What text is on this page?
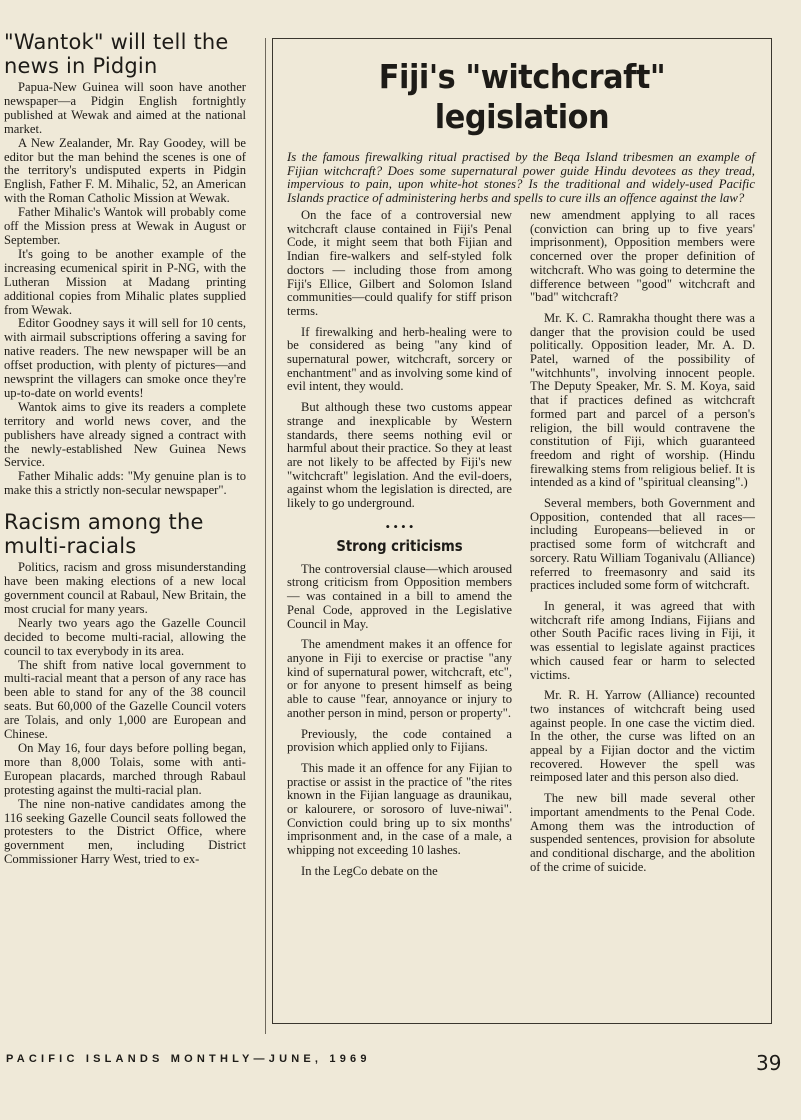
"Wantok" will tell the news in Pidgin

Papua-New Guinea will soon have another newspaper—a Pidgin English fortnightly published at Wewak and aimed at the national market.

A New Zealander, Mr. Ray Goodey, will be editor but the man behind the scenes is one of the territory's undisputed experts in Pidgin English, Father F. M. Mihalic, 52, an American with the Roman Catholic Mission at Wewak.

Father Mihalic's Wantok will probably come off the Mission press at Wewak in August or September.

It's going to be another example of the increasing ecumenical spirit in P-NG, with the Lutheran Mission at Madang printing additional copies from Mihalic plates supplied from Wewak.

Editor Goodney says it will sell for 10 cents, with airmail subscriptions offering a saving for native readers. The new newspaper will be an offset production, with plenty of pictures—and newsprint the villagers can smoke once they're up-to-date on world events!

Wantok aims to give its readers a complete territory and world news cover, and the publishers have already signed a contract with the newly-established New Guinea News Service.

Father Mihalic adds: "My genuine plan is to make this a strictly non-secular newspaper".

Racism among the multi-racials

Politics, racism and gross misunderstanding have been making elections of a new local government council at Rabaul, New Britain, the most crucial for many years.

Nearly two years ago the Gazelle Council decided to become multi-racial, allowing the council to tax everybody in its area.

The shift from native local government to multi-racial meant that a person of any race has been able to stand for any of the 38 council seats. But 60,000 of the Gazelle Council voters are Tolais, and only 1,000 are European and Chinese.

On May 16, four days before polling began, more than 8,000 Tolais, some with anti-European placards, marched through Rabaul protesting against the multi-racial plan.

The nine non-native candidates among the 116 seeking Gazelle Council seats followed the protesters to the District Office, where government men, including District Commissioner Harry West, tried to ex-

Fiji's "witchcraft" legislation
Is the famous firewalking ritual practised by the Beqa Island tribesmen an example of Fijian witchcraft? Does some supernatural power guide Hindu devotees as they tread, impervious to pain, upon white-hot stones? Is the traditional and widely-used Pacific Islands practice of administering herbs and spells to cure ills an offence against the law?

On the face of a controversial new witchcraft clause contained in Fiji's Penal Code, it might seem that both Fijian and Indian fire-walkers and self-styled folk doctors — including those from among Fiji's Ellice, Gilbert and Solomon Island communities—could qualify for stiff prison terms.

If firewalking and herb-healing were to be considered as being "any kind of supernatural power, witchcraft, sorcery or enchantment" and as involving some kind of evil intent, they would.

But although these two customs appear strange and inexplicable by Western standards, there seems nothing evil or harmful about their practice. So they at least are not likely to be affected by Fiji's new "witchcraft" legislation. And the evil-doers, against whom the legislation is directed, are likely to go underground.

• • • •
Strong criticisms

The controversial clause—which aroused strong criticism from Opposition members — was contained in a bill to amend the Penal Code, approved in the Legislative Council in May.

The amendment makes it an offence for anyone in Fiji to exercise or practise "any kind of supernatural power, witchcraft, etc", or for anyone to present himself as being able to cause "fear, annoyance or injury to another person in mind, person or property".

Previously, the code contained a provision which applied only to Fijians.

This made it an offence for any Fijian to practise or assist in the practice of "the rites known in the Fijian language as draunikau, or kalourere, or sorosoro of luve-niwai". Conviction could bring up to six months' imprisonment and, in the case of a male, a whipping not exceeding 10 lashes.

In the LegCo debate on the

new amendment applying to all races (conviction can bring up to five years' imprisonment), Opposition members were concerned over the proper definition of witchcraft. Who was going to determine the difference between "good" witchcraft and "bad" witchcraft?

Mr. K. C. Ramrakha thought there was a danger that the provision could be used politically. Opposition leader, Mr. A. D. Patel, warned of the possibility of "witchhunts", involving innocent people. The Deputy Speaker, Mr. S. M. Koya, said that if practices defined as witchcraft formed part and parcel of a person's religion, the bill would contravene the constitution of Fiji, which guaranteed freedom and right of worship. (Hindu firewalking stems from religious belief. It is intended as a kind of "spiritual cleansing".)

Several members, both Government and Opposition, contended that all races—including Europeans—believed in or practised some form of witchcraft and sorcery. Ratu William Toganivalu (Alliance) referred to freemasonry and said its practices included some form of witchcraft.

In general, it was agreed that with witchcraft rife among Indians, Fijians and other South Pacific races living in Fiji, it was essential to legislate against practices which caused fear or harm to selected victims.

Mr. R. H. Yarrow (Alliance) recounted two instances of witchcraft being used against people. In one case the victim died. In the other, the curse was lifted on an appeal by a Fijian doctor and the victim recovered. However the spell was reimposed later and this person also died.

The new bill made several other important amendments to the Penal Code. Among them was the introduction of suspended sentences, provision for absolute and conditional discharge, and the abolition of the crime of suicide.

PACIFIC ISLANDS MONTHLY—JUNE, 1969	39
